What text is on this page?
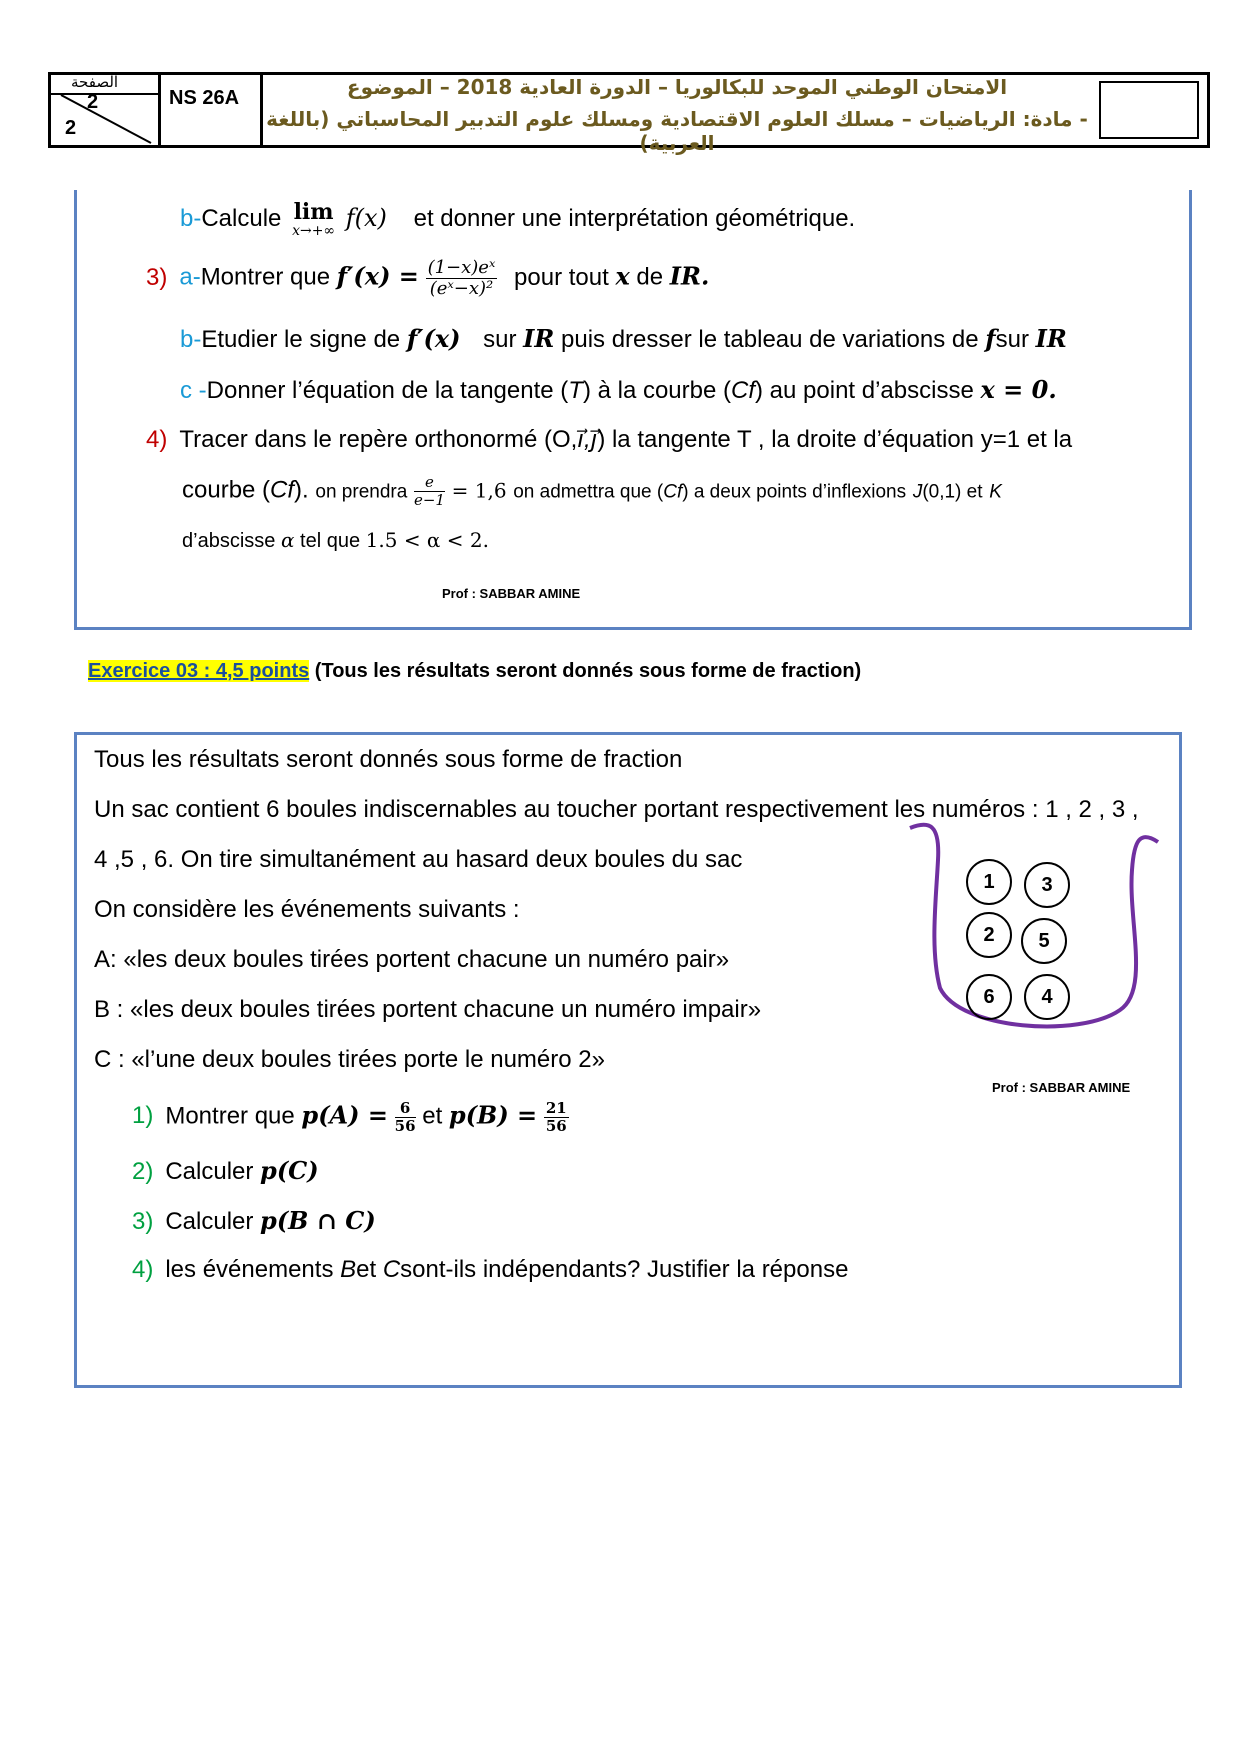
الصفحة
2
2
NS 26A	الامتحان الوطني الموحد للبكالوريا – الدورة العادية 2018 – الموضوع
- مادة: الرياضيات – مسلك العلوم الاقتصادية ومسلك علوم التدبير المحاسباتي (باللغة العربية)
b-Calcule lim
x→+∞ f(x) et donner une interprétation géométrique.
3) a-Montrer que $f'(x) = \frac{\text{(1−x)eˣ}}{\text{(eˣ−x)²}}$ pour tout x de IR.
b-Etudier le signe de f′(x) sur IR puis dresser le tableau de variations de fsur IR
c -Donner l’équation de la tangente (T) à la courbe (Cf) au point d’abscisse x = 0.
4) Tracer dans le repère orthonormé (O,i⃗,j⃗) la tangente T , la droite d’équation y=1 et la
courbe (Cf). on prendra $\frac{e}{e-1} = 1,6$ on admettra que (Cf) a deux points d’inflexions J(0,1) et K
d’abscisse α tel que 1.5 < α < 2.
Prof : SABBAR AMINE
Exercice 03 : 4,5 points (Tous les résultats seront donnés sous forme de fraction)
Tous les résultats seront donnés sous forme de fraction
Un sac contient 6 boules indiscernables au toucher portant respectivement les numéros : 1 , 2 , 3 ,
4 ,5 , 6. On tire simultanément au hasard deux boules du sac
On considère les événements suivants :
A: «les deux boules tirées portent chacune un numéro pair»
B : «les deux boules tirées portent chacune un numéro impair»
C : «l’une deux boules tirées porte le numéro 2»
1	3
2	5
6	4
Prof : SABBAR AMINE
1) Montrer que $p(A) = \frac{6}{56}$ et $p(B) = \frac{21}{56}$
2) Calculer p(C)
3) Calculer p(B ∩ C)
4) les événements Bet Csont-ils indépendants? Justifier la réponse
